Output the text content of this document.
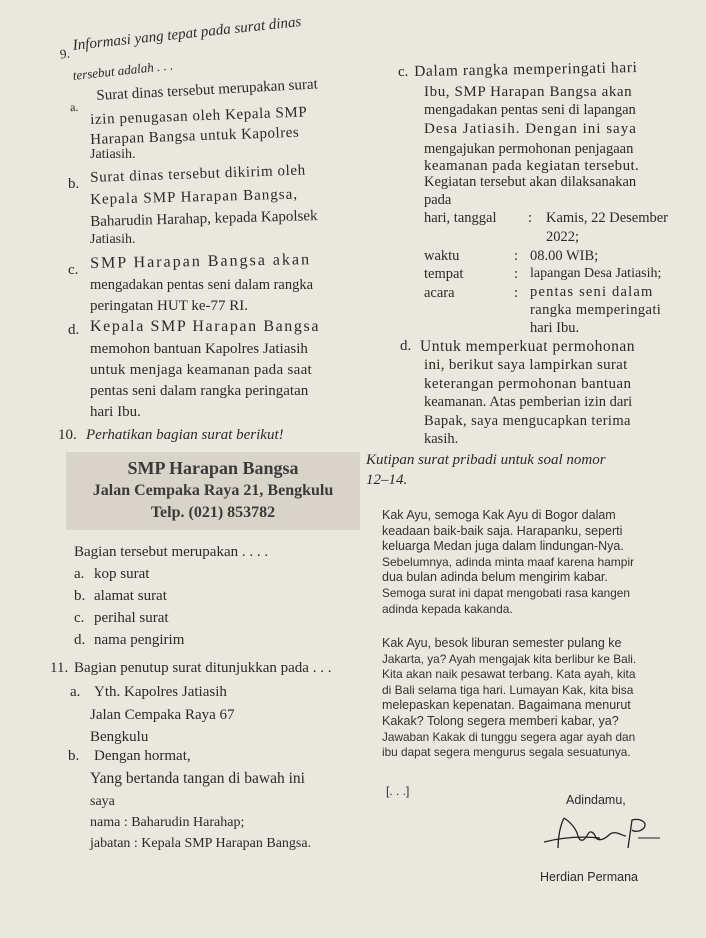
9. Informasi yang tepat pada surat dinas
tersebut adalah . . .
a.
Surat dinas tersebut merupakan surat
izin penugasan oleh Kepala SMP
Harapan Bangsa untuk Kapolres
Jatiasih.
b. Surat dinas tersebut dikirim oleh
Kepala SMP Harapan Bangsa,
Baharudin Harahap, kepada Kapolsek
Jatiasih.
c. SMP Harapan Bangsa akan
mengadakan pentas seni dalam rangka
peringatan HUT ke-77 RI.
d. Kepala SMP Harapan Bangsa
memohon bantuan Kapolres Jatiasih
untuk menjaga keamanan pada saat
pentas seni dalam rangka peringatan
hari Ibu.
10. Perhatikan bagian surat berikut!
SMP Harapan Bangsa
Jalan Cempaka Raya 21, Bengkulu
Telp. (021) 853782
Bagian tersebut merupakan . . . .
a. kop surat
b. alamat surat
c. perihal surat
d. nama pengirim
11. Bagian penutup surat ditunjukkan pada . . .
a. Yth. Kapolres Jatiasih
Jalan Cempaka Raya 67
Bengkulu
b. Dengan hormat,
Yang bertanda tangan di bawah ini
saya
nama : Baharudin Harahap;
jabatan : Kepala SMP Harapan Bangsa.
c. Dalam rangka memperingati hari
Ibu, SMP Harapan Bangsa akan
mengadakan pentas seni di lapangan
Desa Jatiasih. Dengan ini saya
mengajukan permohonan penjagaan
keamanan pada kegiatan tersebut.
Kegiatan tersebut akan dilaksanakan
pada
hari, tanggal : Kamis, 22 Desember
2022;
waktu	: 08.00 WIB;
tempat	: lapangan Desa Jatiasih;
acara	: pentas seni dalam
rangka memperingati
hari Ibu.
d. Untuk memperkuat permohonan
ini, berikut saya lampirkan surat
keterangan permohonan bantuan
keamanan. Atas pemberian izin dari
Bapak, saya mengucapkan terima
kasih.
Kutipan surat pribadi untuk soal nomor
12–14.
Kak Ayu, semoga Kak Ayu di Bogor dalam
keadaan baik-baik saja. Harapanku, seperti
keluarga Medan juga dalam lindungan-Nya.
Sebelumnya, adinda minta maaf karena hampir
dua bulan adinda belum mengirim kabar.
Semoga surat ini dapat mengobati rasa kangen
adinda kepada kakanda.
Kak Ayu, besok liburan semester pulang ke
Jakarta, ya? Ayah mengajak kita berlibur ke Bali.
Kita akan naik pesawat terbang. Kata ayah, kita
di Bali selama tiga hari. Lumayan Kak, kita bisa
melepaskan kepenatan. Bagaimana menurut
Kakak? Tolong segera memberi kabar, ya?
Jawaban Kakak di tunggu segera agar ayah dan
ibu dapat segera mengurus segala sesuatunya.
[. . .]
Adindamu,
Herdian Permana
